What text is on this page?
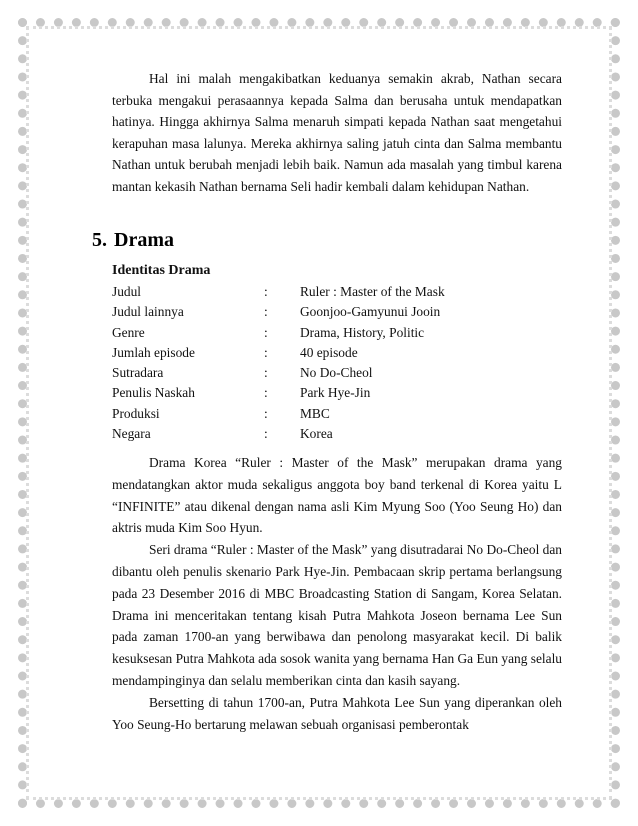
Hal ini malah mengakibatkan keduanya semakin akrab, Nathan secara terbuka mengakui perasaannya kepada Salma dan berusaha untuk mendapatkan hatinya. Hingga akhirnya Salma menaruh simpati kepada Nathan saat mengetahui kerapuhan masa lalunya. Mereka akhirnya saling jatuh cinta dan Salma membantu Nathan untuk berubah menjadi lebih baik. Namun ada masalah yang timbul karena mantan kekasih Nathan bernama Seli hadir kembali dalam kehidupan Nathan.

5. Drama
Identitas Drama
Judul	:	Ruler : Master of the Mask
Judul lainnya	:	Goonjoo-Gamyunui Jooin
Genre	:	Drama, History, Politic
Jumlah episode	:	40 episode
Sutradara	:	No Do-Cheol
Penulis Naskah	:	Park Hye-Jin
Produksi	:	MBC
Negara	:	Korea

Drama Korea “Ruler : Master of the Mask” merupakan drama yang mendatangkan aktor muda sekaligus anggota boy band terkenal di Korea yaitu L “INFINITE” atau dikenal dengan nama asli Kim Myung Soo (Yoo Seung Ho) dan aktris muda Kim Soo Hyun.

Seri drama “Ruler : Master of the Mask” yang disutradarai No Do-Cheol dan dibantu oleh penulis skenario Park Hye-Jin. Pembacaan skrip pertama berlangsung pada 23 Desember 2016 di MBC Broadcasting Station di Sangam, Korea Selatan. Drama ini menceritakan tentang kisah Putra Mahkota Joseon bernama Lee Sun pada zaman 1700-an yang berwibawa dan penolong masyarakat kecil. Di balik kesuksesan Putra Mahkota ada sosok wanita yang bernama Han Ga Eun yang selalu mendampinginya dan selalu memberikan cinta dan kasih sayang.

Bersetting di tahun 1700-an, Putra Mahkota Lee Sun yang diperankan oleh Yoo Seung-Ho bertarung melawan sebuah organisasi pemberontak
